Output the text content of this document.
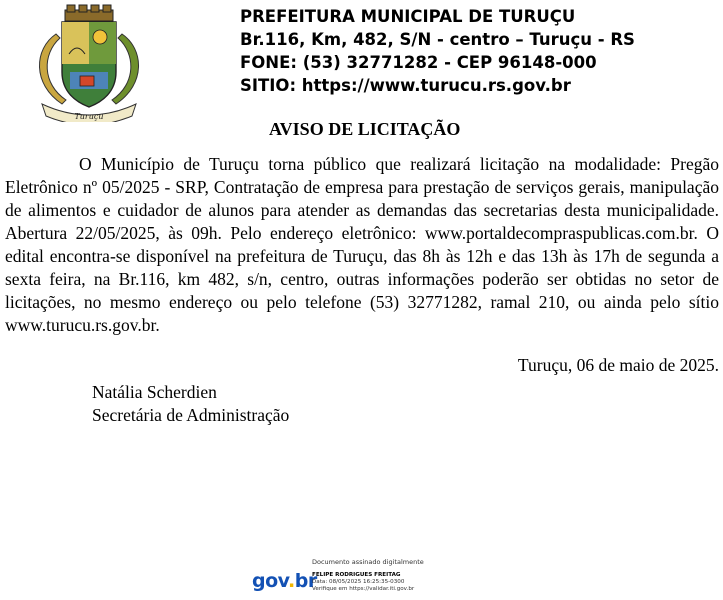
Turuçu
PREFEITURA MUNICIPAL DE TURUÇU
Br.116, Km, 482, S/N - centro – Turuçu - RS
FONE: (53) 32771282 - CEP 96148-000
SITIO: https://www.turucu.rs.gov.br
AVISO DE LICITAÇÃO

O Município de Turuçu torna público que realizará licitação na modalidade: Pregão Eletrônico nº 05/2025 - SRP, Contratação de empresa para prestação de serviços gerais, manipulação de alimentos e cuidador de alunos para atender as demandas das secretarias desta municipalidade. Abertura 22/05/2025, às 09h. Pelo endereço eletrônico: www.portaldecompraspublicas.com.br. O edital encontra-se disponível na prefeitura de Turuçu, das 8h às 12h e das 13h às 17h de segunda a sexta feira, na Br.116, km 482, s/n, centro, outras informações poderão ser obtidas no setor de licitações, no mesmo endereço ou pelo telefone (53) 32771282, ramal 210, ou ainda pelo sítio www.turucu.rs.gov.br.

Turuçu, 06 de maio de 2025.
Natália Scherdien
Secretária de Administração
gov.br
Documento assinado digitalmente
FELIPE RODRIGUES FREITAG
Data: 08/05/2025 16:25:35-0300
Verifique em https://validar.iti.gov.br
